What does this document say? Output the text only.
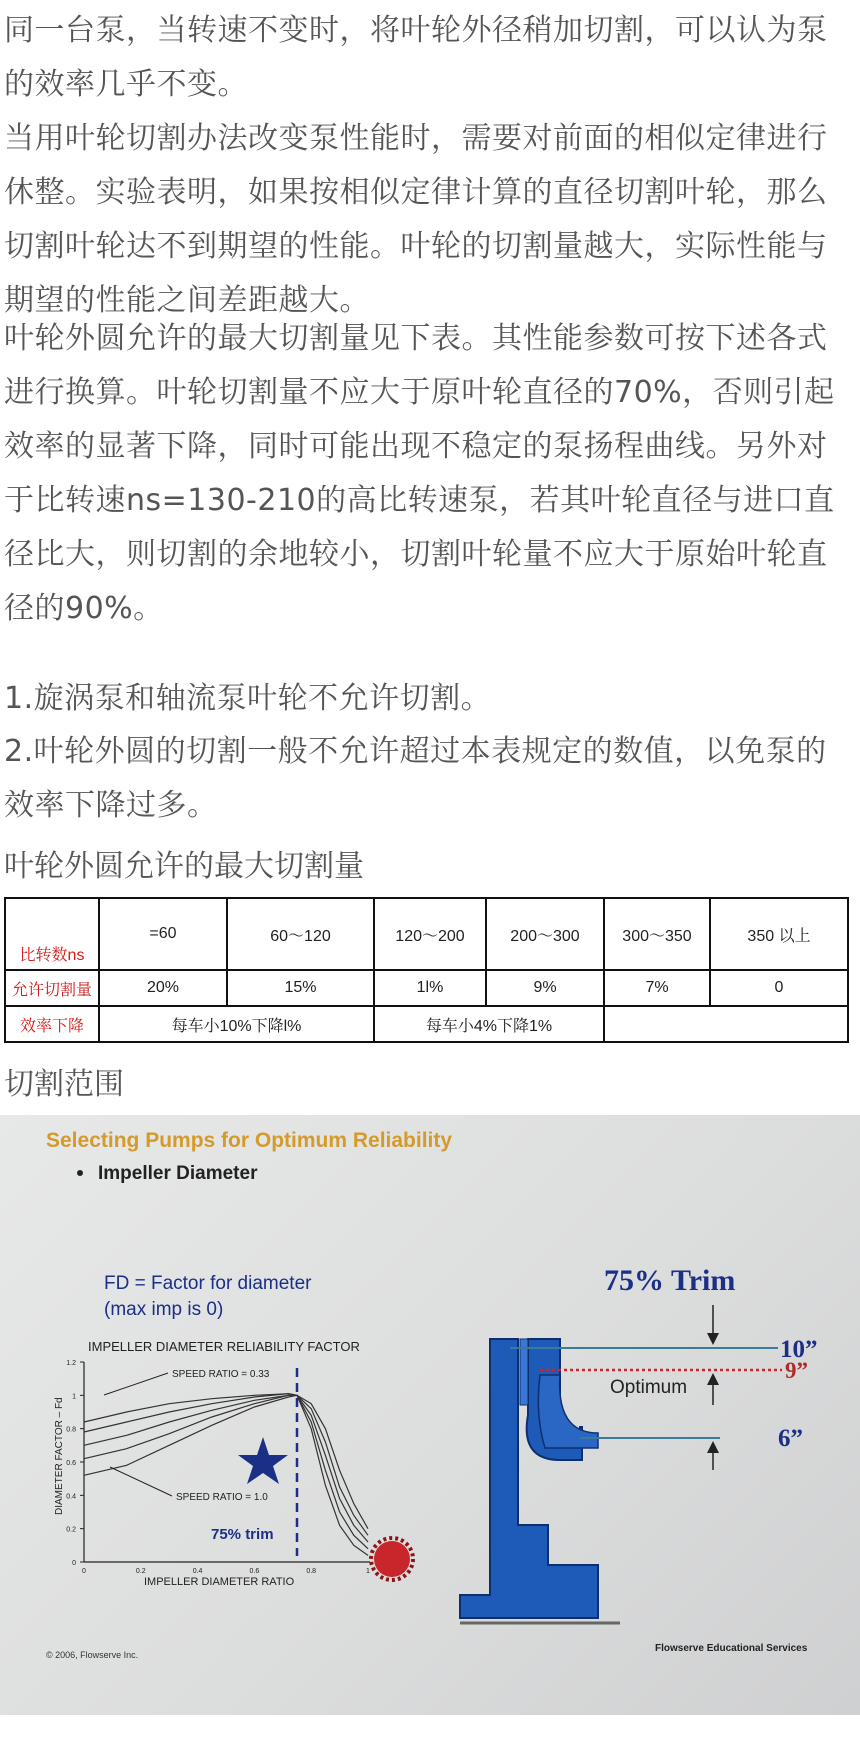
同一台泵，当转速不变时，将叶轮外径稍加切割，可以认为泵的效率几乎不变。

当用叶轮切割办法改变泵性能时，需要对前面的相似定律进行休整。实验表明，如果按相似定律计算的直径切割叶轮，那么切割叶轮达不到期望的性能。叶轮的切割量越大，实际性能与期望的性能之间差距越大。

叶轮外圆允许的最大切割量见下表。其性能参数可按下述各式进行换算。叶轮切割量不应大于原叶轮直径的70%，否则引起效率的显著下降，同时可能出现不稳定的泵扬程曲线。另外对于比转速ns=130-210的高比转速泵，若其叶轮直径与进口直径比大，则切割的余地较小，切割叶轮量不应大于原始叶轮直径的90%。

1.旋涡泵和轴流泵叶轮不允许切割。

2.叶轮外圆的切割一般不允许超过本表规定的数值，以免泵的效率下降过多。

叶轮外圆允许的最大切割量

比转数ns	=60	60～120	120～200	200～300	300～350	350 以上
允许切割量	20%	15%	1l%	9%	7%	0
效率下降	每车小10%下降l%		每车小4%下降1%			

切割范围

Selecting Pumps for Optimum Reliability
Impeller Diameter
FD = Factor for diameter
(max imp is 0)
IMPELLER DIAMETER RELIABILITY FACTOR
0
0.2
0.4
0.6
0.8
1
1.2
0	0.2	0.4	0.6	0.8	1
SPEED RATIO = 0.33
SPEED RATIO = 1.0
75% trim
DIAMETER FACTOR – Fd
IMPELLER DIAMETER RATIO
75% Trim
10”
9”
6”
Optimum
© 2006, Flowserve Inc.
Flowserve Educational Services
